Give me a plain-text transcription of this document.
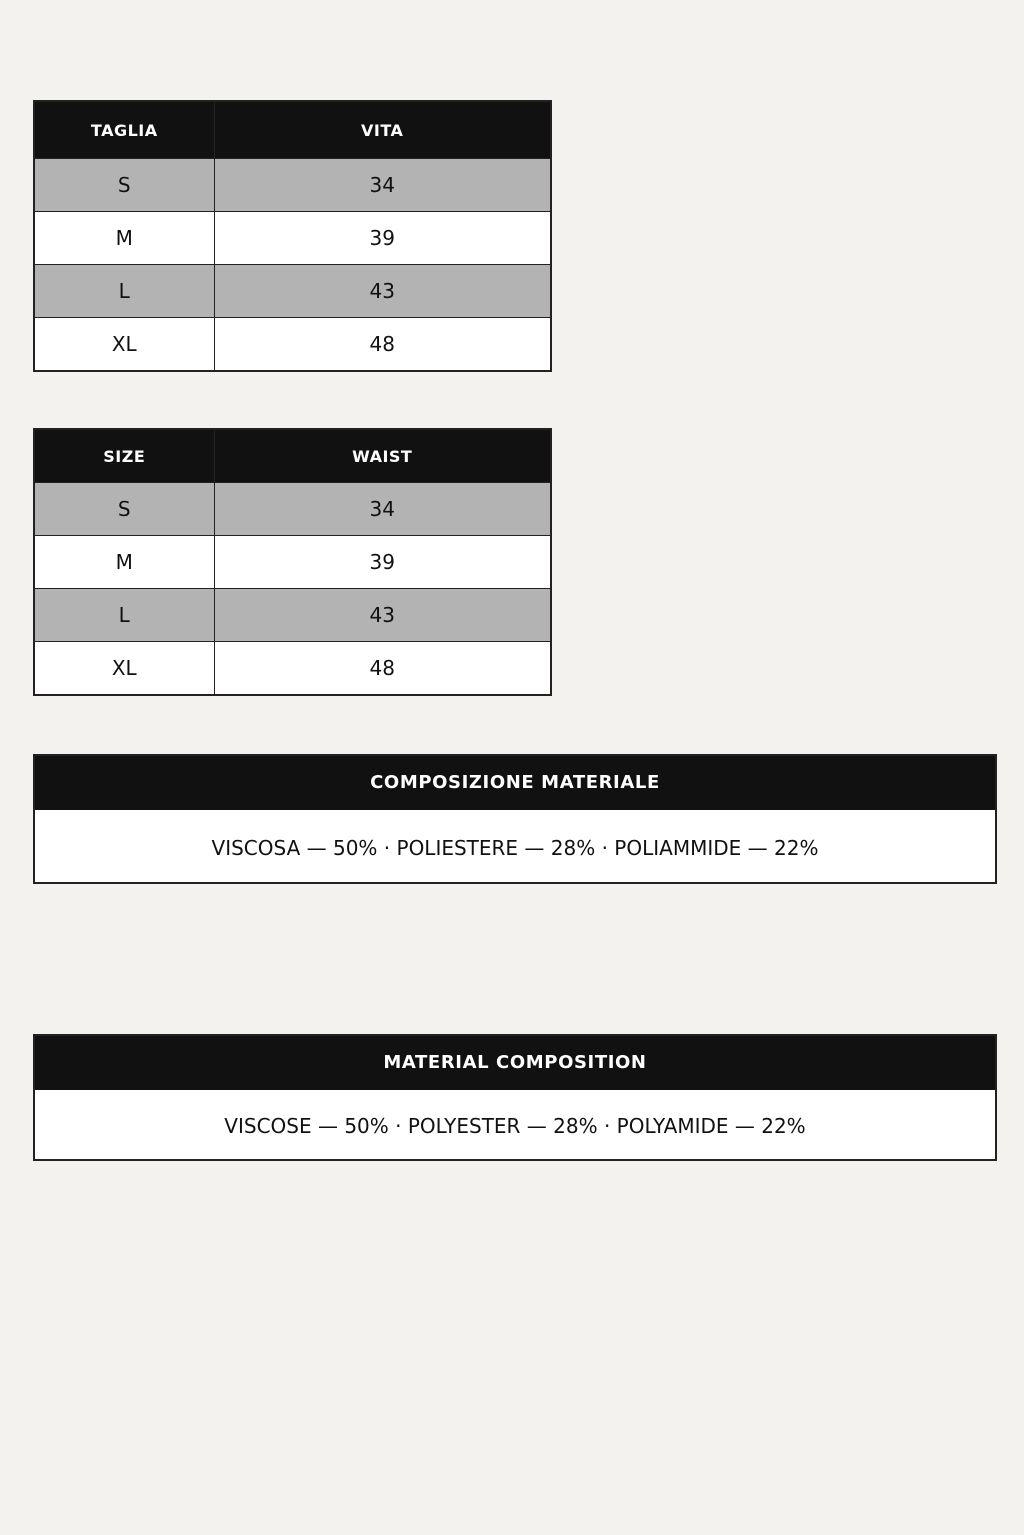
TAGLIA	VITA
S	34
M	39
L	43
XL	48
SIZE	WAIST
S	34
M	39
L	43
XL	48
COMPOSIZIONE MATERIALE
VISCOSA — 50% · POLIESTERE — 28% · POLIAMMIDE — 22%
MATERIAL COMPOSITION
VISCOSE — 50% · POLYESTER — 28% · POLYAMIDE — 22%
